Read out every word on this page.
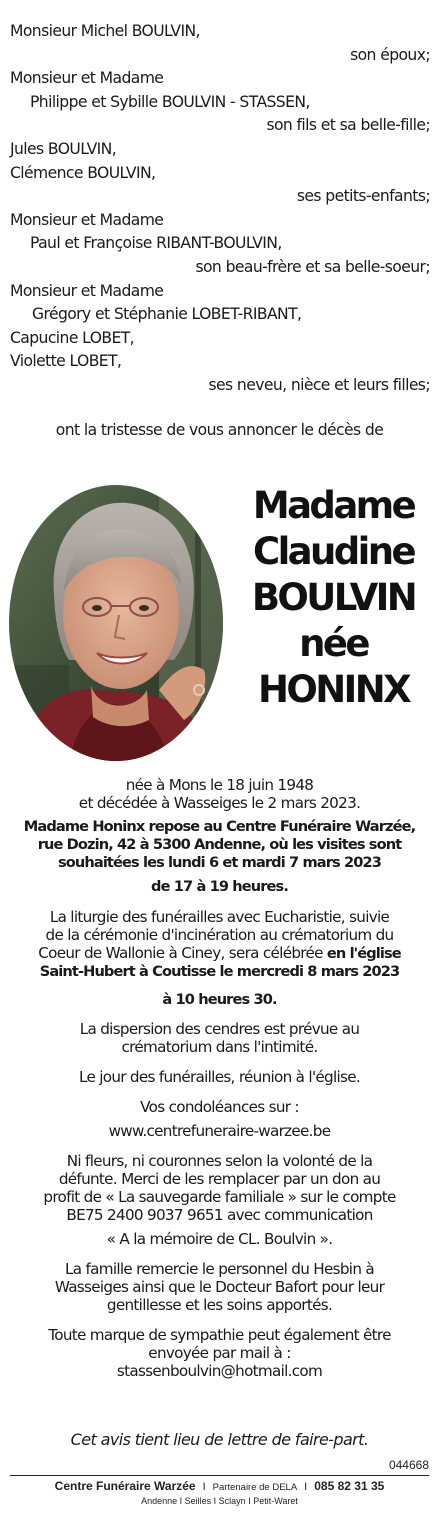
Monsieur Michel BOULVIN,
son époux;
Monsieur et Madame
Philippe et Sybille BOULVIN - STASSEN,
son fils et sa belle-fille;
Jules BOULVIN,
Clémence BOULVIN,
ses petits-enfants;
Monsieur et Madame
Paul et Françoise RIBANT-BOULVIN,
son beau-frère et sa belle-soeur;
Monsieur et Madame
Grégory et Stéphanie LOBET-RIBANT,
Capucine LOBET,
Violette LOBET,
ses neveu, nièce et leurs filles;
ont la tristesse de vous annoncer le décès de
Madame
Claudine
BOULVIN
née
HONINX

née à Mons le 18 juin 1948

et décédée à Wasseiges le 2 mars 2023.

Madame Honinx repose au Centre Funéraire Warzée,

rue Dozin, 42 à 5300 Andenne, où les visites sont

souhaitées les lundi 6 et mardi 7 mars 2023

de 17 à 19 heures.

La liturgie des funérailles avec Eucharistie, suivie

de la cérémonie d'incinération au crématorium du

Coeur de Wallonie à Ciney, sera célébrée en l'église

Saint-Hubert à Coutisse le mercredi 8 mars 2023

à 10 heures 30.

La dispersion des cendres est prévue au

crématorium dans l'intimité.

Le jour des funérailles, réunion à l'église.

Vos condoléances sur :

www.centrefuneraire-warzee.be

Ni fleurs, ni couronnes selon la volonté de la

défunte. Merci de les remplacer par un don au

profit de « La sauvegarde familiale » sur le compte

BE75 2400 9037 9651 avec communication

« A la mémoire de CL. Boulvin ».

La famille remercie le personnel du Hesbin à

Wasseiges ainsi que le Docteur Bafort pour leur

gentillesse et les soins apportés.

Toute marque de sympathie peut également être

envoyée par mail à :

stassenboulvin@hotmail.com

Cet avis tient lieu de lettre de faire-part.
044668
Centre Funéraire Warzée I Partenaire de DELA I 085 82 31 35
Andenne I Seilles I Sclayn I Petit-Waret
